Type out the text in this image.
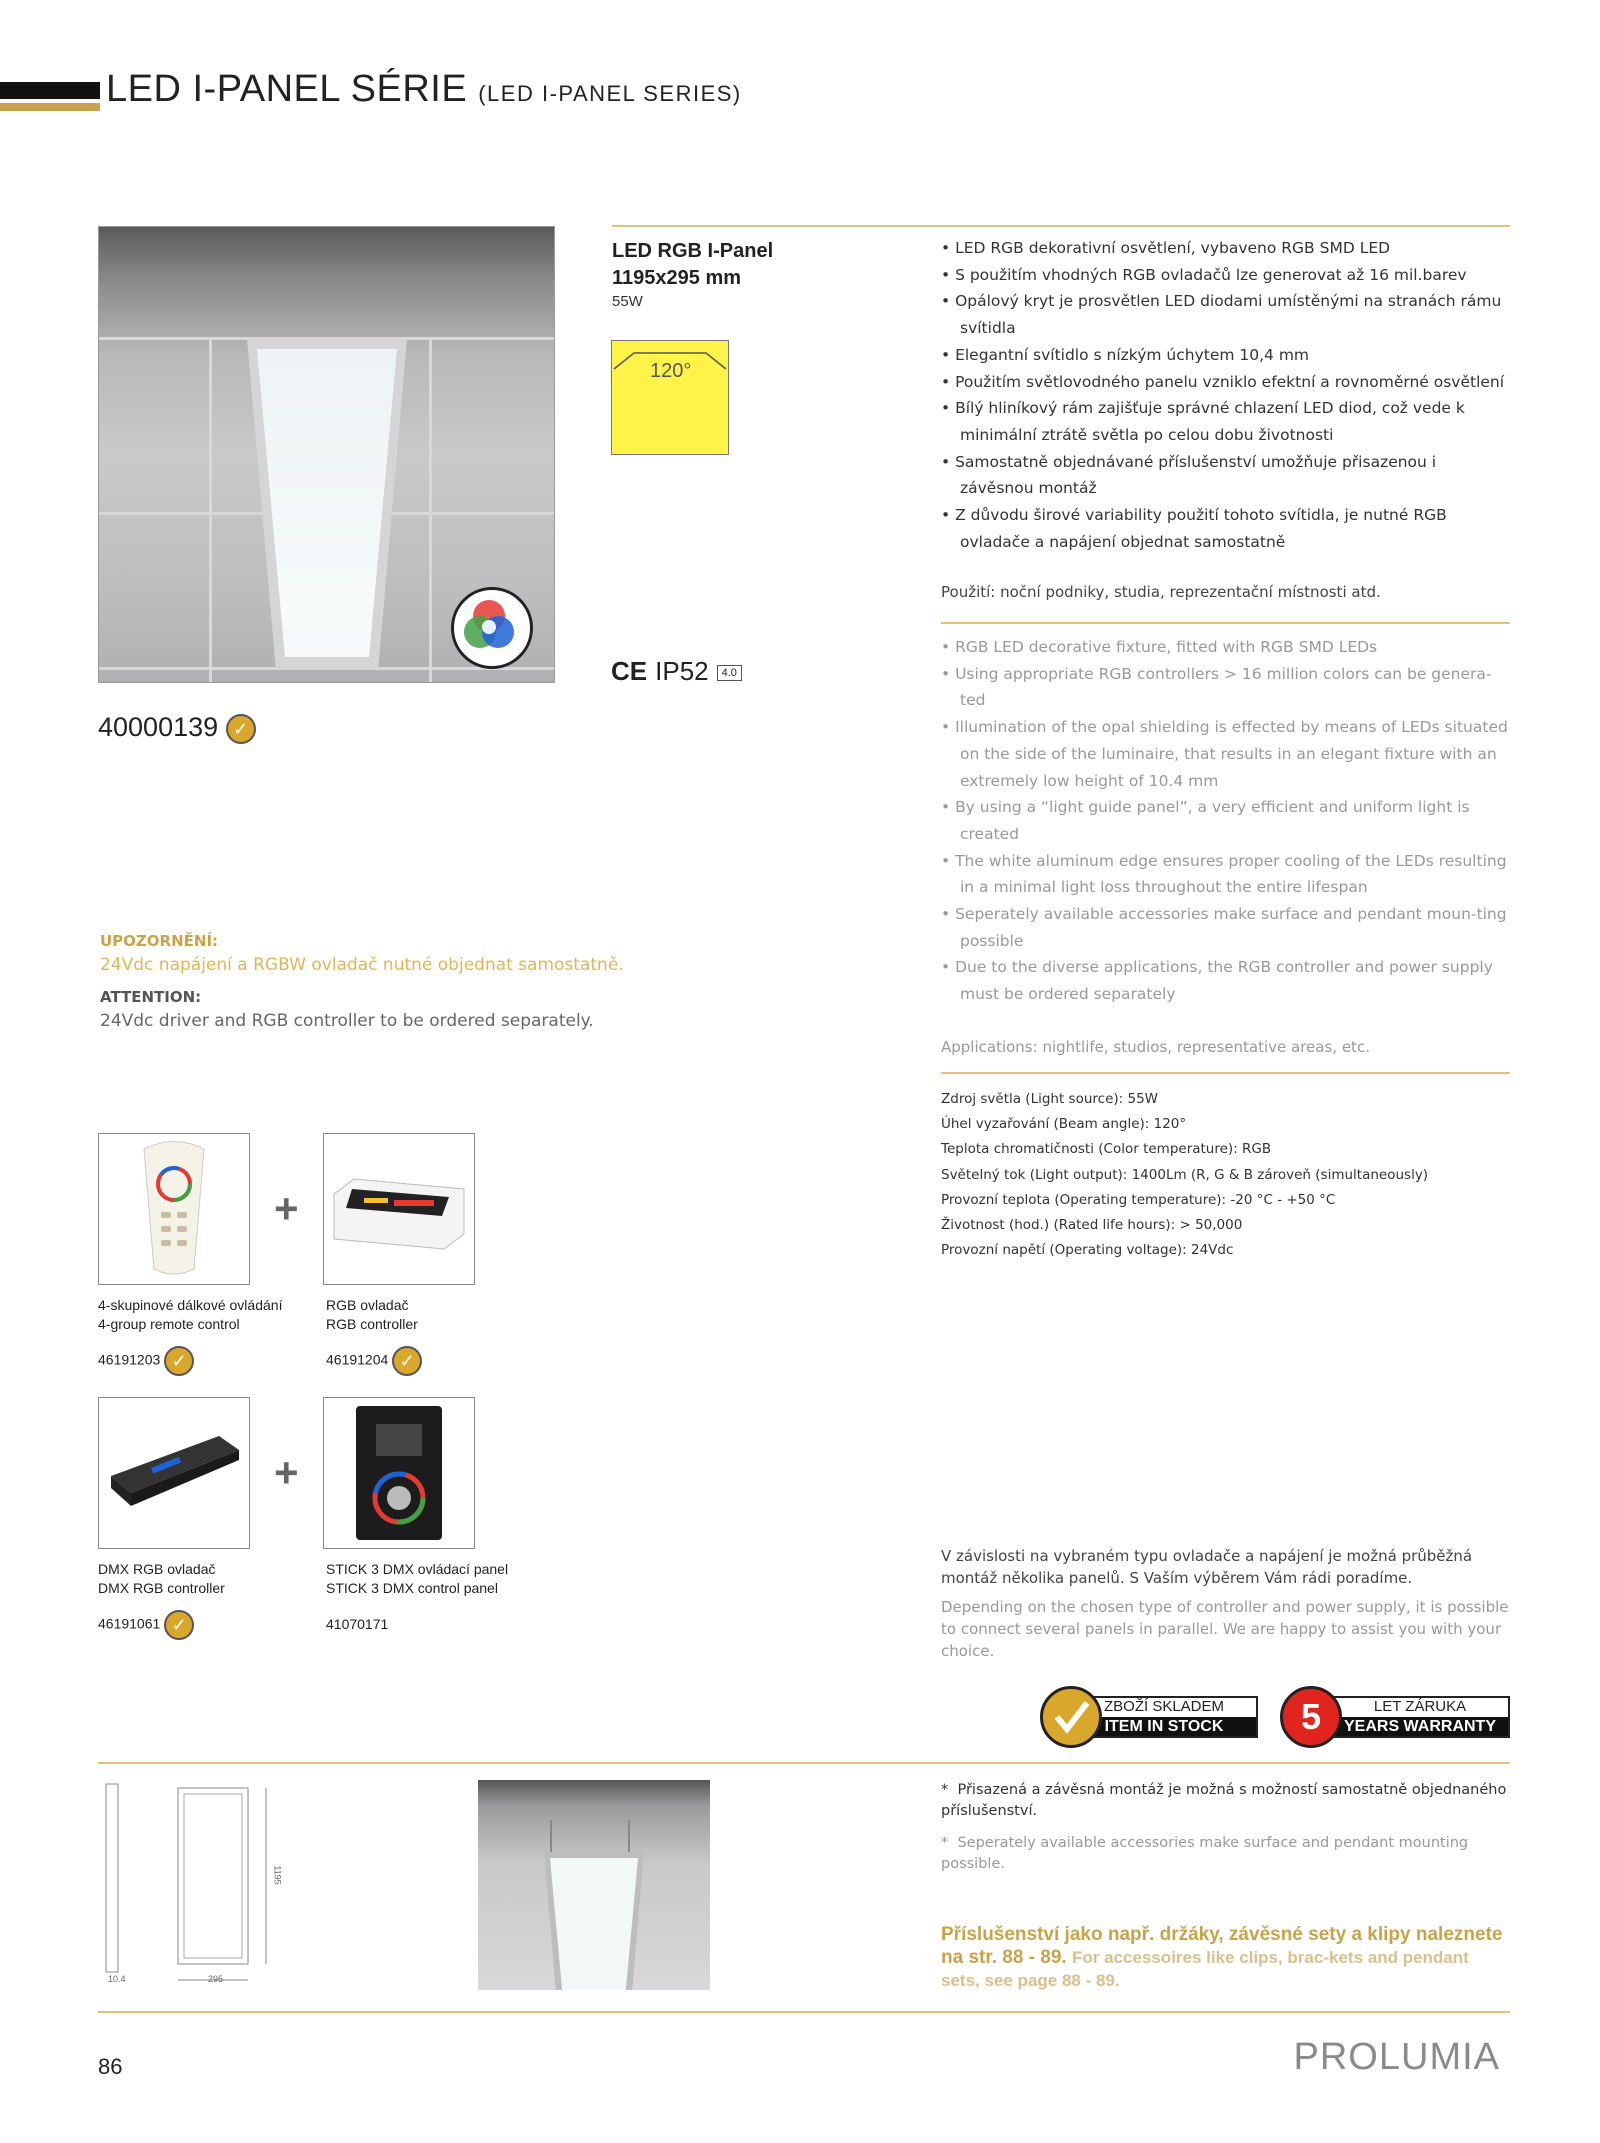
LED I-PANEL SÉRIE (LED I-PANEL SERIES)
40000139 ✓
LED RGB I-Panel
1195x295 mm
55W
120°
CE IP52 4.0
• LED RGB dekorativní osvětlení, vybaveno RGB SMD LED
• S použitím vhodných RGB ovladačů lze generovat až 16 mil.barev
• Opálový kryt je prosvětlen LED diodami umístěnými na stranách rámu svítidla
• Elegantní svítidlo s nízkým úchytem 10,4 mm
• Použitím světlovodného panelu vzniklo efektní a rovnoměrné osvětlení
• Bílý hliníkový rám zajišťuje správné chlazení LED diod, což vede k minimální ztrátě světla po celou dobu životnosti
• Samostatně objednávané příslušenství umožňuje přisazenou i závěsnou montáž
• Z důvodu širové variability použití tohoto svítidla, je nutné RGB ovladače a napájení objednat samostatně
Použití: noční podniky, studia, reprezentační místnosti atd.
• RGB LED decorative fixture, fitted with RGB SMD LEDs
• Using appropriate RGB controllers > 16 million colors can be genera-ted
• Illumination of the opal shielding is effected by means of LEDs situated on the side of the luminaire, that results in an elegant fixture with an extremely low height of 10.4 mm
• By using a “light guide panel”, a very efficient and uniform light is created
• The white aluminum edge ensures proper cooling of the LEDs resulting in a minimal light loss throughout the entire lifespan
• Seperately available accessories make surface and pendant moun-ting possible
• Due to the diverse applications, the RGB controller and power supply must be ordered separately
Applications: nightlife, studios, representative areas, etc.
Zdroj světla (Light source): 55W
Úhel vyzařování (Beam angle): 120°
Teplota chromatičnosti (Color temperature): RGB
Světelný tok (Light output): 1400Lm (R, G & B zároveň (simultaneously)
Provozní teplota (Operating temperature): -20 °C - +50 °C
Životnost (hod.) (Rated life hours): > 50,000
Provozní napětí (Operating voltage): 24Vdc
UPOZORNĚNÍ:
24Vdc napájení a RGBW ovladač nutné objednat samostatně.
ATTENTION:
24Vdc driver and RGB controller to be ordered separately.
+
4-skupinové dálkové ovládání
4-group remote control
RGB ovladač
RGB controller
46191203 ✓	46191204 ✓
+
DMX RGB ovladač
DMX RGB controller
STICK 3 DMX ovládací panel
STICK 3 DMX control panel
46191061 ✓	41070171
V závislosti na vybraném typu ovladače a napájení je možná průběžná montáž několika panelů. S Vaším výběrem Vám rádi poradíme.
Depending on the chosen type of controller and power supply, it is possible to connect several panels in parallel. We are happy to assist you with your choice.
ZBOŽÍ SKLADEM
ITEM IN STOCK
LET ZÁRUKA
YEARS WARRANTY
5
1195
295
10.4
*  Přisazená a závěsná montáž je možná s možností samostatně objednaného příslušenství.
*  Seperately available accessories make surface and pendant mounting possible.
Příslušenství jako např. držáky, závěsné sety a klipy naleznete na str. 88 - 89. For accessoires like clips, brac-kets and pendant sets, see page 88 - 89.
86	PROLUMIA
